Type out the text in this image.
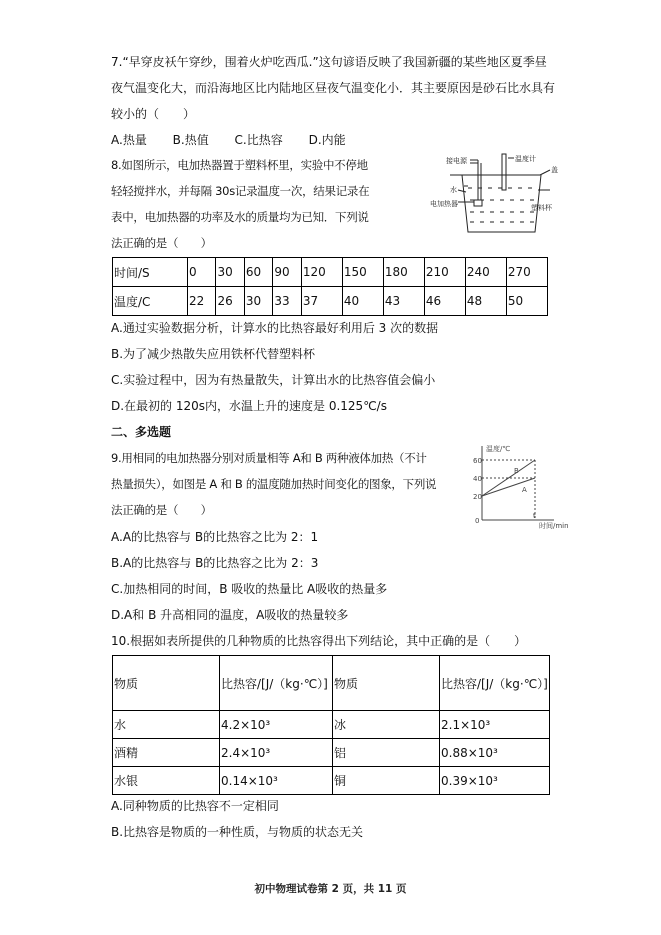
7.“早穿皮袄午穿纱，围着火炉吃西瓜.”这句谚语反映了我国新疆的某些地区夏季昼
夜气温变化大，而沿海地区比内陆地区昼夜气温变化小．其主要原因是砂石比水具有
较小的（　　）
A.热量 B.热值 C.比热容 D.内能
8.如图所示，电加热器置于塑料杯里，实验中不停地
轻轻搅拌水，并每隔 30s记录温度一次，结果记录在
表中，电加热器的功率及水的质量均为已知．下列说
法正确的是（　　）
接电源	温度计
盖
水
电加热器	塑料杯
时间/S	0	30	60	90	120	150	180	210	240	270
温度/C	22	26	30	33	37	40	43	46	48	50
A.通过实验数据分析，计算水的比热容最好利用后 3 次的数据
B.为了减少热散失应用铁杯代替塑料杯
C.实验过程中，因为有热量散失，计算出水的比热容值会偏小
D.在最初的 120s内，水温上升的速度是 0.125℃/s
二、多选题
9.用相同的电加热器分别对质量相等 A和 B 两种液体加热（不计
热量损失），如图是 A 和 B 的温度随加热时间变化的图象，下列说
法正确的是（　　）
温度/℃
0
20
40
60
t
时间/min
B
A
A.A的比热容与 B的比热容之比为 2：1
B.A的比热容与 B的比热容之比为 2：3
C.加热相同的时间，B 吸收的热量比 A吸收的热量多
D.A和 B 升高相同的温度，A吸收的热量较多
10.根据如表所提供的几种物质的比热容得出下列结论，其中正确的是（　　）
物质	比热容/[J/（kg·℃）]	物质	比热容/[J/（kg·℃）]
水	4.2×10³	冰	2.1×10³
酒精	2.4×10³	铝	0.88×10³
水银	0.14×10³	铜	0.39×10³
A.同种物质的比热容不一定相同
B.比热容是物质的一种性质，与物质的状态无关
初中物理试卷第 2 页，共 11 页
